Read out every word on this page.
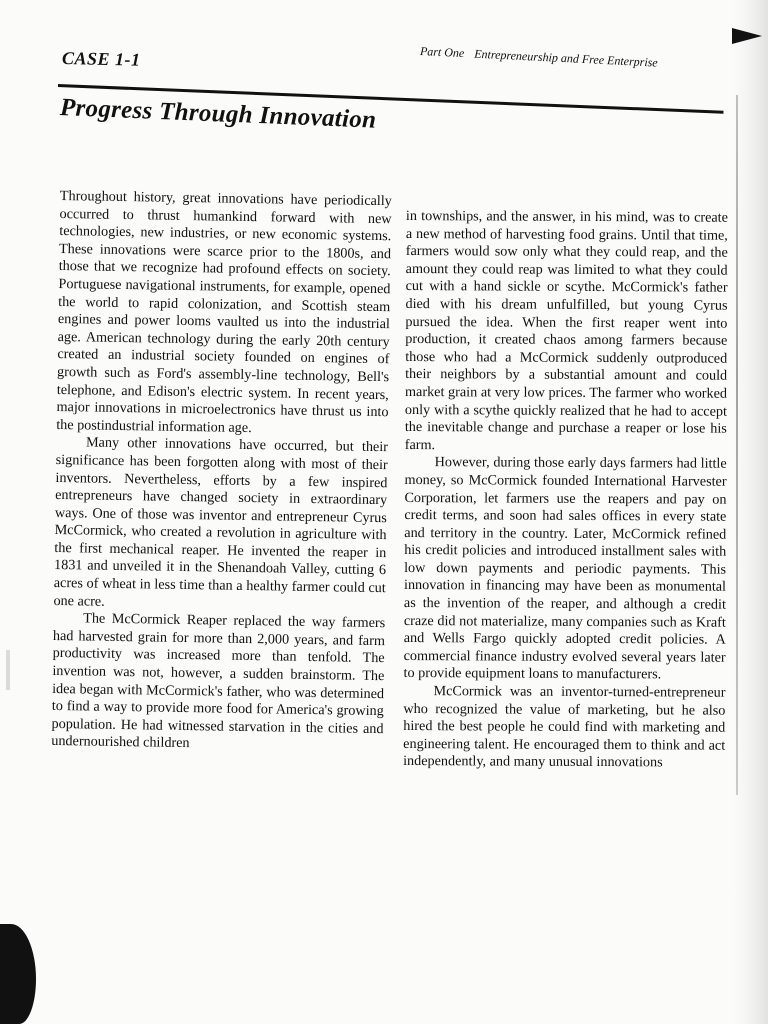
CASE 1-1	Part One Entrepreneurship and Free Enterprise
Progress Through Innovation

Throughout history, great innovations have periodically occurred to thrust humankind forward with new technologies, new industries, or new economic systems. These innovations were scarce prior to the 1800s, and those that we recognize had profound effects on society. Portuguese navigational instruments, for example, opened the world to rapid colonization, and Scottish steam engines and power looms vaulted us into the industrial age. American technology during the early 20th century created an industrial society founded on engines of growth such as Ford's assembly-line technology, Bell's telephone, and Edison's electric system. In recent years, major innovations in microelectronics have thrust us into the postindustrial information age.

Many other innovations have occurred, but their significance has been forgotten along with most of their inventors. Nevertheless, efforts by a few inspired entrepreneurs have changed society in extraordinary ways. One of those was inventor and entrepreneur Cyrus McCormick, who created a revolution in agriculture with the first mechanical reaper. He invented the reaper in 1831 and unveiled it in the Shenandoah Valley, cutting 6 acres of wheat in less time than a healthy farmer could cut one acre.

The McCormick Reaper replaced the way farmers had harvested grain for more than 2,000 years, and farm productivity was increased more than tenfold. The invention was not, however, a sudden brainstorm. The idea began with McCormick's father, who was determined to find a way to provide more food for America's growing population. He had witnessed starvation in the cities and undernourished children

in townships, and the answer, in his mind, was to create a new method of harvesting food grains. Until that time, farmers would sow only what they could reap, and the amount they could reap was limited to what they could cut with a hand sickle or scythe. McCormick's father died with his dream unfulfilled, but young Cyrus pursued the idea. When the first reaper went into production, it created chaos among farmers because those who had a McCormick suddenly outproduced their neighbors by a substantial amount and could market grain at very low prices. The farmer who worked only with a scythe quickly realized that he had to accept the inevitable change and purchase a reaper or lose his farm.

However, during those early days farmers had little money, so McCormick founded International Harvester Corporation, let farmers use the reapers and pay on credit terms, and soon had sales offices in every state and territory in the country. Later, McCormick refined his credit policies and introduced installment sales with low down payments and periodic payments. This innovation in financing may have been as monumental as the invention of the reaper, and although a credit craze did not materialize, many companies such as Kraft and Wells Fargo quickly adopted credit policies. A commercial finance industry evolved several years later to provide equipment loans to manufacturers.

McCormick was an inventor-turned-entrepreneur who recognized the value of marketing, but he also hired the best people he could find with marketing and engineering talent. He encouraged them to think and act independently, and many unusual innovations
